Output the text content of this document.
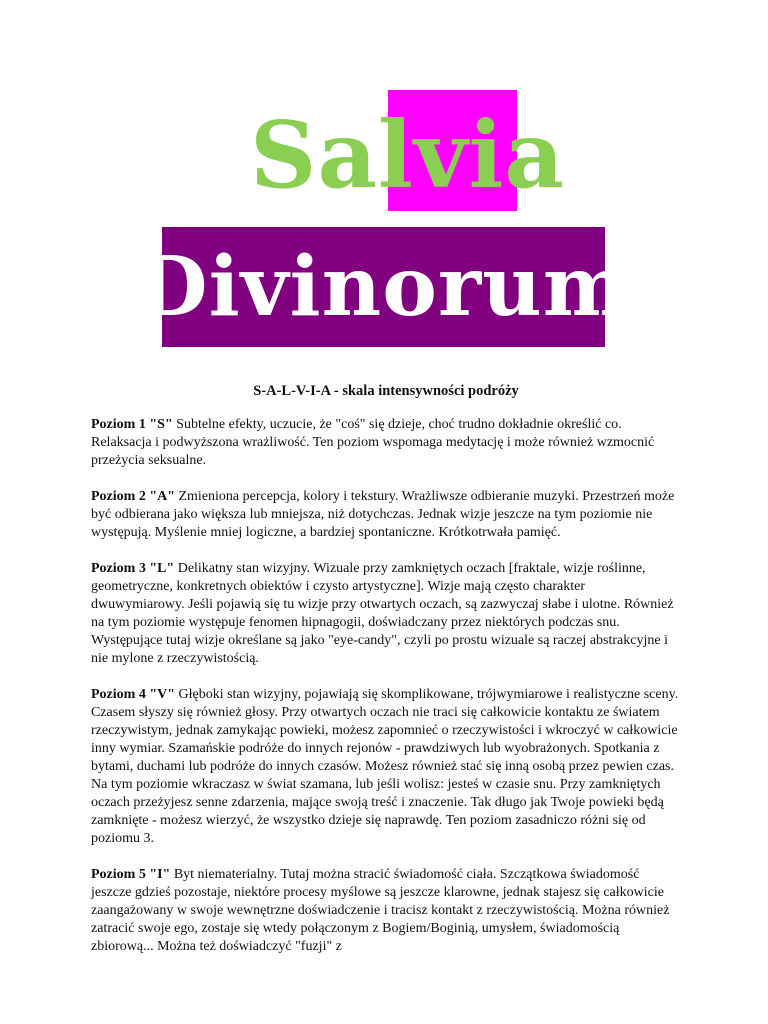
Salvia
Divinorum
S-A-L-V-I-A - skala intensywności podróży

Poziom 1 "S" Subtelne efekty, uczucie, że "coś" się dzieje, choć trudno dokładnie określić co. Relaksacja i podwyższona wrażliwość. Ten poziom wspomaga medytację i może również wzmocnić przeżycia seksualne.

Poziom 2 "A" Zmieniona percepcja, kolory i tekstury. Wrażliwsze odbieranie muzyki. Przestrzeń może być odbierana jako większa lub mniejsza, niż dotychczas. Jednak wizje jeszcze na tym poziomie nie występują. Myślenie mniej logiczne, a bardziej spontaniczne. Krótkotrwała pamięć.

Poziom 3 "L" Delikatny stan wizyjny. Wizuale przy zamkniętych oczach [fraktale, wizje roślinne, geometryczne, konkretnych obiektów i czysto artystyczne]. Wizje mają często charakter dwuwymiarowy. Jeśli pojawią się tu wizje przy otwartych oczach, są zazwyczaj słabe i ulotne. Również na tym poziomie występuje fenomen hipnagogii, doświadczany przez niektórych podczas snu. Występujące tutaj wizje określane są jako "eye-candy", czyli po prostu wizuale są raczej abstrakcyjne i nie mylone z rzeczywistością.

Poziom 4 "V" Głęboki stan wizyjny, pojawiają się skomplikowane, trójwymiarowe i realistyczne sceny. Czasem słyszy się również głosy. Przy otwartych oczach nie traci się całkowicie kontaktu ze światem rzeczywistym, jednak zamykając powieki, możesz zapomnieć o rzeczywistości i wkroczyć w całkowicie inny wymiar. Szamańskie podróże do innych rejonów - prawdziwych lub wyobrażonych. Spotkania z bytami, duchami lub podróże do innych czasów. Możesz również stać się inną osobą przez pewien czas. Na tym poziomie wkraczasz w świat szamana, lub jeśli wolisz: jesteś w czasie snu. Przy zamkniętych oczach przeżyjesz senne zdarzenia, mające swoją treść i znaczenie. Tak długo jak Twoje powieki będą zamknięte - możesz wierzyć, że wszystko dzieje się naprawdę. Ten poziom zasadniczo różni się od poziomu 3.

Poziom 5 "I" Byt niematerialny. Tutaj można stracić świadomość ciała. Szczątkowa świadomość jeszcze gdzieś pozostaje, niektóre procesy myślowe są jeszcze klarowne, jednak stajesz się całkowicie zaangażowany w swoje wewnętrzne doświadczenie i tracisz kontakt z rzeczywistością. Można również zatracić swoje ego, zostaje się wtedy połączonym z Bogiem/Boginią, umysłem, świadomością zbiorową... Można też doświadczyć "fuzji" z
